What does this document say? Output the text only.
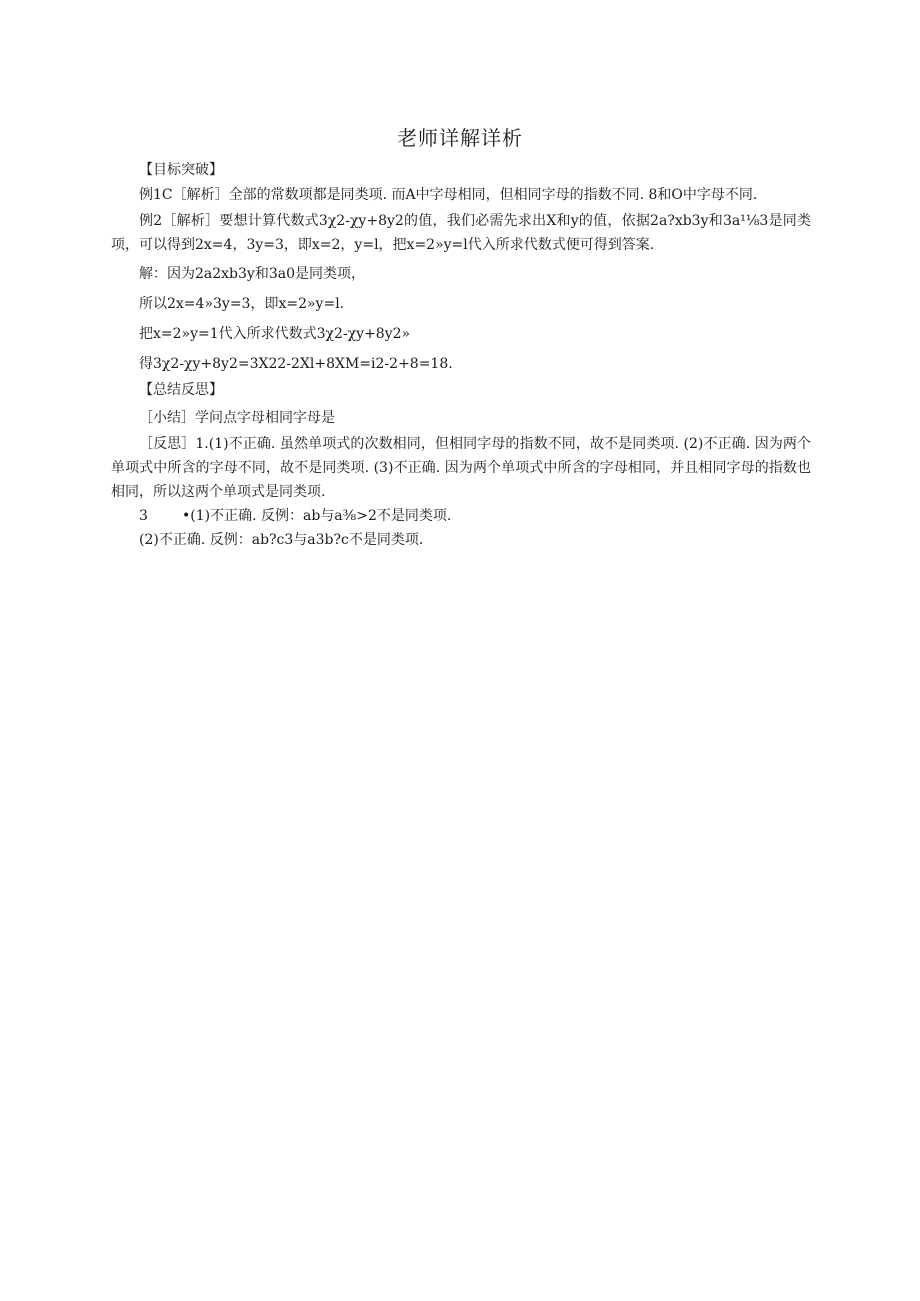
老师详解详析
【目标突破】
例1C［解析］全部的常数项都是同类项. 而A中字母相同，但相同字母的指数不同. 8和O中字母不同.
例2［解析］要想计算代数式3χ2-χy+8y2的值，我们必需先求出X和y的值，依据2a?xb3y和3a¹⅛3是同类项，可以得到2x=4，3y=3，即x=2，y=l，把x=2»y=l代入所求代数式便可得到答案.
解：因为2a2xb3y和3a0是同类项，
所以2x=4»3y=3，即x=2»y=l.
把x=2»y=1代入所求代数式3χ2-χy+8y2»
得3χ2-χy+8y2=3X22-2Xl+8XM=i2-2+8=18.
【总结反思】
［小结］学问点字母相同字母是
［反思］1.(1)不正确. 虽然单项式的次数相同，但相同字母的指数不同，故不是同类项. (2)不正确. 因为两个单项式中所含的字母不同，故不是同类项. (3)不正确. 因为两个单项式中所含的字母相同，并且相同字母的指数也相同，所以这两个单项式是同类项.
3 •(1)不正确. 反例：ab与a⅜>2不是同类项.
(2)不正确. 反例：ab?c3与a3b?c不是同类项.
